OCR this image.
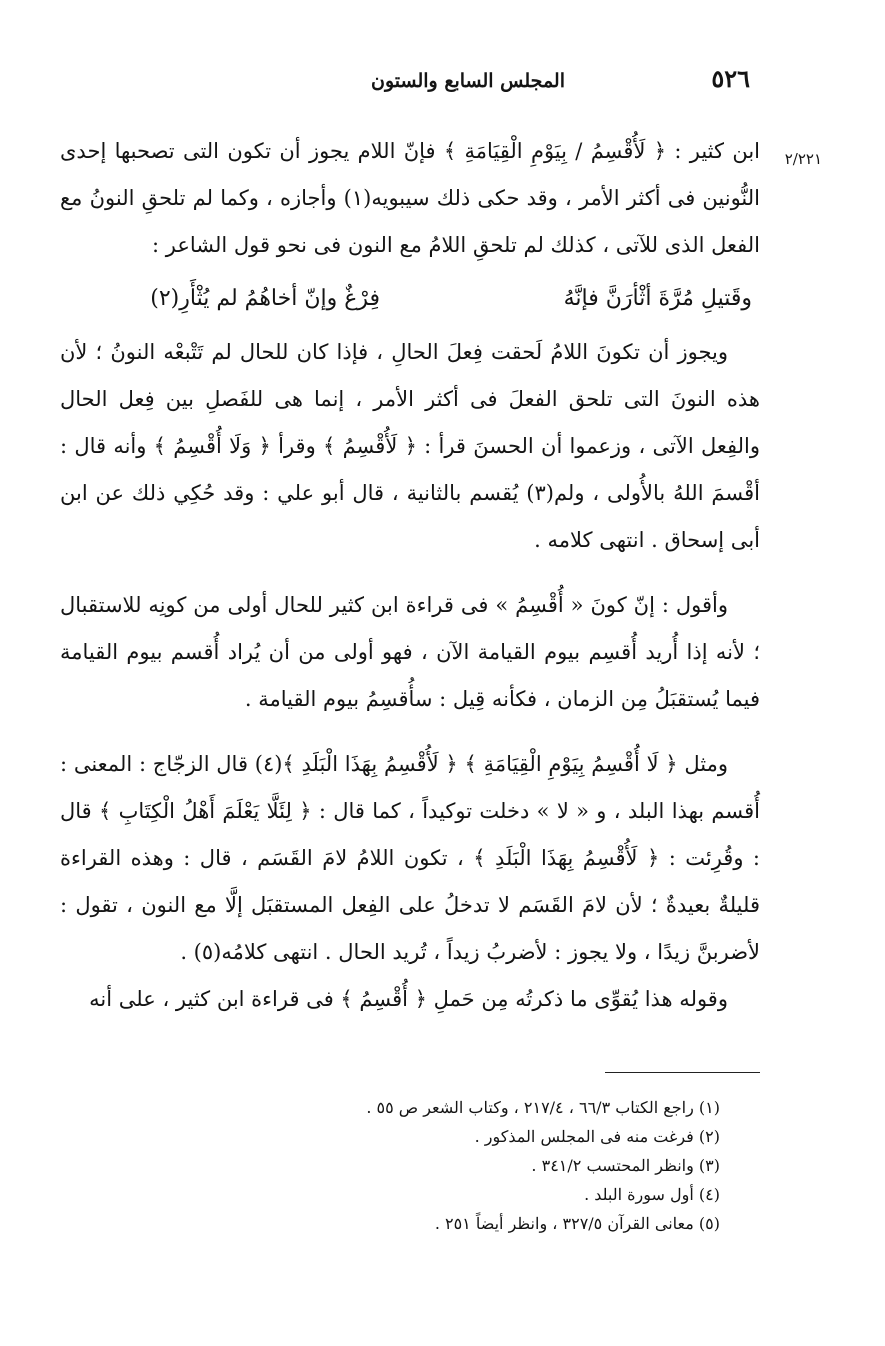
٥٢٦
المجلس السابع والستون
٢/٢٢١

ابن كثير : ﴿ لَأُقْسِمُ / بِيَوْمِ الْقِيَامَةِ ﴾ فإنّ اللام يجوز أن تكون التى تصحبها إحدى النُّونين فى أكثر الأمر ، وقد حكى ذلك سيبويه(١) وأجازه ، وكما لم تلحقِ النونُ مع الفعل الذى للآتى ، كذلك لم تلحقِ اللامُ مع النون فى نحو قول الشاعر :

وقَتيلِ مُرَّةَ أثْأرَنَّ فإنَّهُ
فِرْغٌ وإنّ أخاهُمُ لم يُثْأَرِ(٢)

ويجوز أن تكونَ اللامُ لَحقت فِعلَ الحالِ ، فإذا كان للحال لم تَتْبعْه النونُ ؛ لأن هذه النونَ التى تلحق الفعلَ فى أكثر الأمر ، إنما هى للفَصلِ بين فِعل الحال والفِعل الآتى ، وزعموا أن الحسنَ قرأ : ﴿ لَأُقْسِمُ ﴾ وقرأ ﴿ وَلَا أُقْسِمُ ﴾ وأنه قال : أقْسمَ اللهُ بالأُولى ، ولم(٣) يُقسم بالثانية ، قال أبو علي : وقد حُكِي ذلك عن ابن أبى إسحاق . انتهى كلامه .

وأقول : إنّ كونَ « أُقْسِمُ » فى قراءة ابن كثير للحال أولى من كونِه للاستقبال ؛ لأنه إذا أُريد أُقسِم بيوم القيامة الآن ، فهو أولى من أن يُراد أُقسم بيوم القيامة فيما يُستقبَلُ مِن الزمان ، فكأنه قِيل : سأُقسِمُ بيوم القيامة .

ومثل ﴿ لَا أُقْسِمُ بِيَوْمِ الْقِيَامَةِ ﴾ ﴿ لَأُقْسِمُ بِهَذَا الْبَلَدِ ﴾(٤) قال الزجّاج : المعنى : أُقسم بهذا البلد ، و « لا » دخلت توكيداً ، كما قال : ﴿ لِئَلَّا يَعْلَمَ أَهْلُ الْكِتَابِ ﴾ قال : وقُرِئت : ﴿ لَأُقْسِمُ بِهَذَا الْبَلَدِ ﴾ ، تكون اللامُ لامَ القَسَم ، قال : وهذه القراءة قليلةٌ بعيدةٌ ؛ لأن لامَ القَسَم لا تدخلُ على الفِعل المستقبَل إلَّا مع النون ، تقول : لأضربنَّ زيدًا ، ولا يجوز : لأضربُ زيداً ، تُريد الحال . انتهى كلامُه(٥) .

وقوله هذا يُقوِّى ما ذكرتُه مِن حَملِ ﴿ أُقْسِمُ ﴾ فى قراءة ابن كثير ، على أنه

(١) راجع الكتاب ٦٦/٣ ، ٢١٧/٤ ، وكتاب الشعر ص ٥٥ .

(٢) فرغت منه فى المجلس المذكور .

(٣) وانظر المحتسب ٣٤١/٢ .

(٤) أول سورة البلد .

(٥) معانى القرآن ٣٢٧/٥ ، وانظر أيضاً ٢٥١ .
